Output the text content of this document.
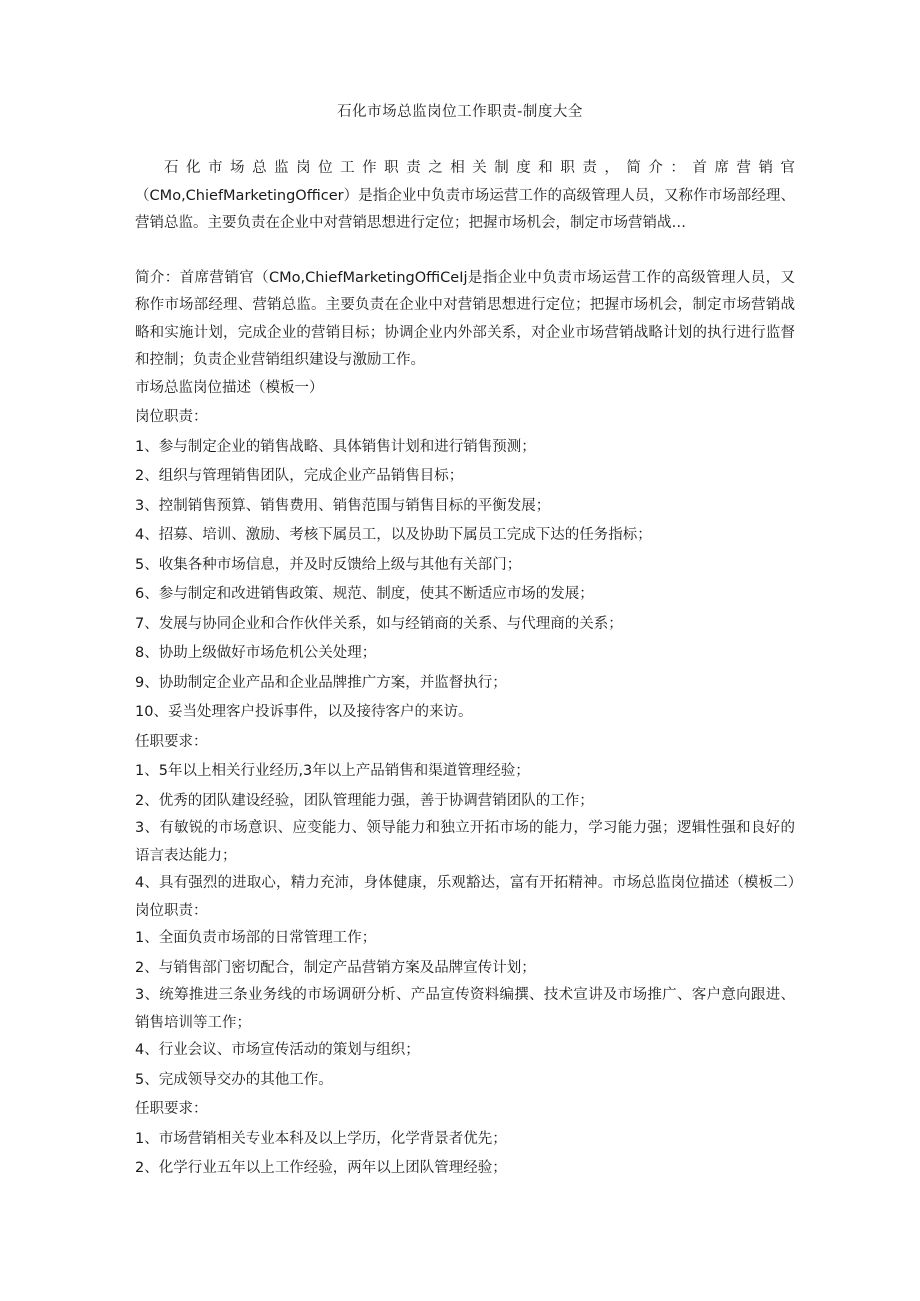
石化市场总监岗位工作职责-制度大全

石化市场总监岗位工作职责之相关制度和职责，简介：首席营销官（CMo,ChiefMarketingOfficer）是指企业中负责市场运营工作的高级管理人员，又称作市场部经理、营销总监。主要负责在企业中对营销思想进行定位；把握市场机会，制定市场营销战…

简介：首席营销官（CMo,ChiefMarketingOffiCeIj是指企业中负责市场运营工作的高级管理人员，又称作市场部经理、营销总监。主要负责在企业中对营销思想进行定位；把握市场机会，制定市场营销战略和实施计划，完成企业的营销目标；协调企业内外部关系，对企业市场营销战略计划的执行进行监督和控制；负责企业营销组织建设与激励工作。

市场总监岗位描述（模板一）

岗位职责：

1、参与制定企业的销售战略、具体销售计划和进行销售预测；

2、组织与管理销售团队，完成企业产品销售目标；

3、控制销售预算、销售费用、销售范围与销售目标的平衡发展；

4、招募、培训、激励、考核下属员工，以及协助下属员工完成下达的任务指标；

5、收集各种市场信息，并及时反馈给上级与其他有关部门；

6、参与制定和改进销售政策、规范、制度，使其不断适应市场的发展；

7、发展与协同企业和合作伙伴关系，如与经销商的关系、与代理商的关系；

8、协助上级做好市场危机公关处理；

9、协助制定企业产品和企业品牌推广方案，并监督执行；

10、妥当处理客户投诉事件，以及接待客户的来访。

任职要求：

1、5年以上相关行业经历,3年以上产品销售和渠道管理经验；

2、优秀的团队建设经验，团队管理能力强，善于协调营销团队的工作；

3、有敏锐的市场意识、应变能力、领导能力和独立开拓市场的能力，学习能力强；逻辑性强和良好的语言表达能力；

4、具有强烈的进取心，精力充沛，身体健康，乐观豁达，富有开拓精神。市场总监岗位描述（模板二）岗位职责：

1、全面负责市场部的日常管理工作；

2、与销售部门密切配合，制定产品营销方案及品牌宣传计划；

3、统筹推进三条业务线的市场调研分析、产品宣传资料编撰、技术宣讲及市场推广、客户意向跟进、销售培训等工作；

4、行业会议、市场宣传活动的策划与组织；

5、完成领导交办的其他工作。

任职要求：

1、市场营销相关专业本科及以上学历，化学背景者优先；

2、化学行业五年以上工作经验，两年以上团队管理经验；
